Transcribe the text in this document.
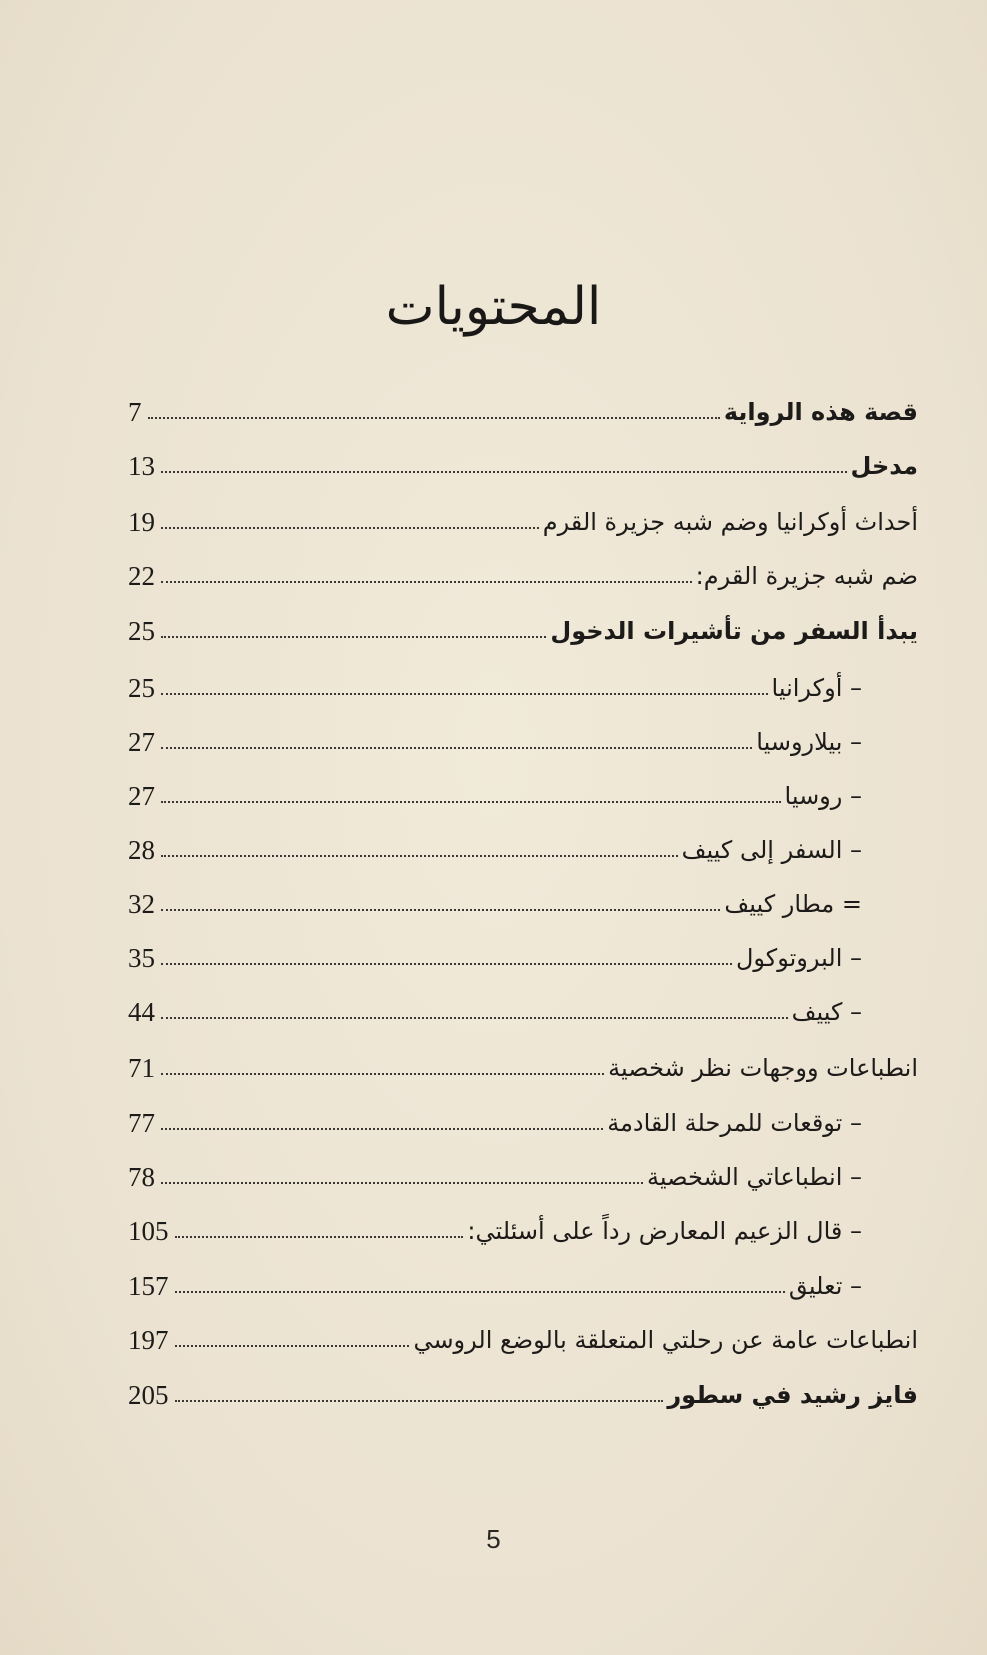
المحتويات
قصة هذه الرواية
7
مدخل
13
أحداث أوكرانيا وضم شبه جزيرة القرم
19
ضم شبه جزيرة القرم:
22
يبدأ السفر من تأشيرات الدخول
25
– أوكرانيا
25
– بيلاروسيا
27
– روسيا
27
– السفر إلى كييف
28
= مطار كييف
32
– البروتوكول
35
– كييف
44
انطباعات ووجهات نظر شخصية
71
– توقعات للمرحلة القادمة
77
– انطباعاتي الشخصية
78
– قال الزعيم المعارض رداً على أسئلتي:
105
– تعليق
157
انطباعات عامة عن رحلتي المتعلقة بالوضع الروسي
197
فايز رشيد في سطور
205
5
